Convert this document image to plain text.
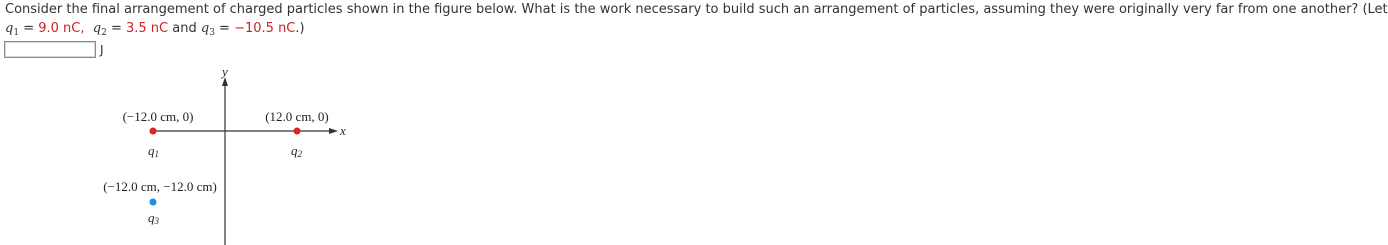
Consider the final arrangement of charged particles shown in the figure below. What is the work necessary to build such an arrangement of particles, assuming they were originally very far from one another? (Let
$q_1 = 9.0$ nC, $q_2 = 3.5$ nC and $q_3 = -10.5$ nC.)
J
y
x
(−12.0 cm, 0)
q1
(12.0 cm, 0)
q2
(−12.0 cm, −12.0 cm)
q3
